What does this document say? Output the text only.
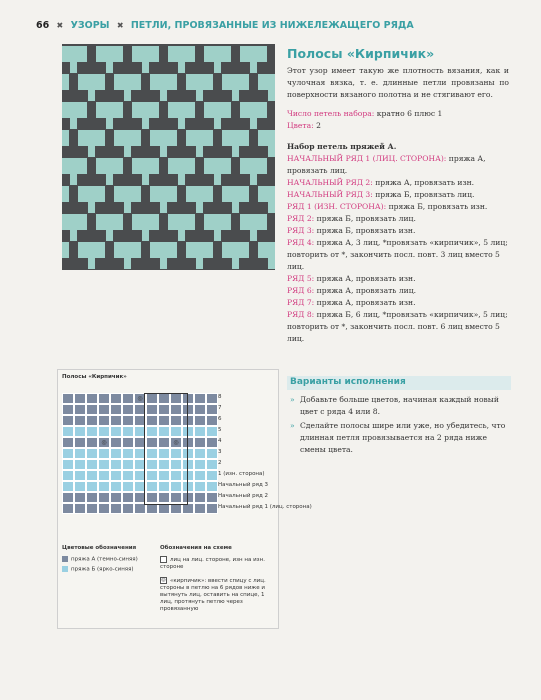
66 ✖ УЗОРЫ ✖ ПЕТЛИ, ПРОВЯЗАННЫЕ ИЗ НИЖЕЛЕЖАЩЕГО РЯДА
Полосы «Кирпичик»
Этот узор имеет такую же плотность вязания, как и чулочная вязка, т. е. длинные петли провязаны по поверхности вязаного полотна и не стягивают его.
Число петель набора: кратно 6 плюс 1
Цвета: 2
Набор петель пряжей А.
НАЧАЛЬНЫЙ РЯД 1 (ЛИЦ. СТОРОНА): пряжа А, провязать лиц.
НАЧАЛЬНЫЙ РЯД 2: пряжа А, провязать изн.
НАЧАЛЬНЫЙ РЯД 3: пряжа Б, провязать лиц.
РЯД 1 (ИЗН. СТОРОНА): пряжа Б, провязать изн.
РЯД 2: пряжа Б, провязать лиц.
РЯД 3: пряжа Б, провязать изн.
РЯД 4: пряжа А, 3 лиц, *провязать «кирпичик», 5 лиц; повторить от *, закончить посл. повт. 3 лиц вместо 5 лиц.
РЯД 5: пряжа А, провязать изн.
РЯД 6: пряжа А, провязать лиц.
РЯД 7: пряжа А, провязать изн.
РЯД 8: пряжа Б, 6 лиц, *провязать «кирпичик», 5 лиц; повторить от *, закончить посл. повт. 6 лиц вместо 5 лиц.
Варианты исполнения
» Добавьте больше цветов, начиная каждый новый цвет с ряда 4 или 8.
» Сделайте полосы шире или уже, но убедитесь, что длинная петля провязывается на 2 ряда ниже смены цвета.
Полосы «Кирпичик»
◎
◎	◎
8
7
6
5
4
3
2
1 (изн. сторона)
Начальный ряд 3
Начальный ряд 2
Начальный ряд 1 (лиц. сторона)
Цветовые обозначения
пряжа А (темно-синяя)
пряжа Б (ярко-синяя)
Обозначения на схеме
лиц на лиц. стороне, изн на изн. стороне
◎ «кирпичик»: ввести спицу с лиц. стороны в петлю на 6 рядов ниже и вытянуть лиц, оставить на спице, 1 лиц, протянуть петлю через провязанную
